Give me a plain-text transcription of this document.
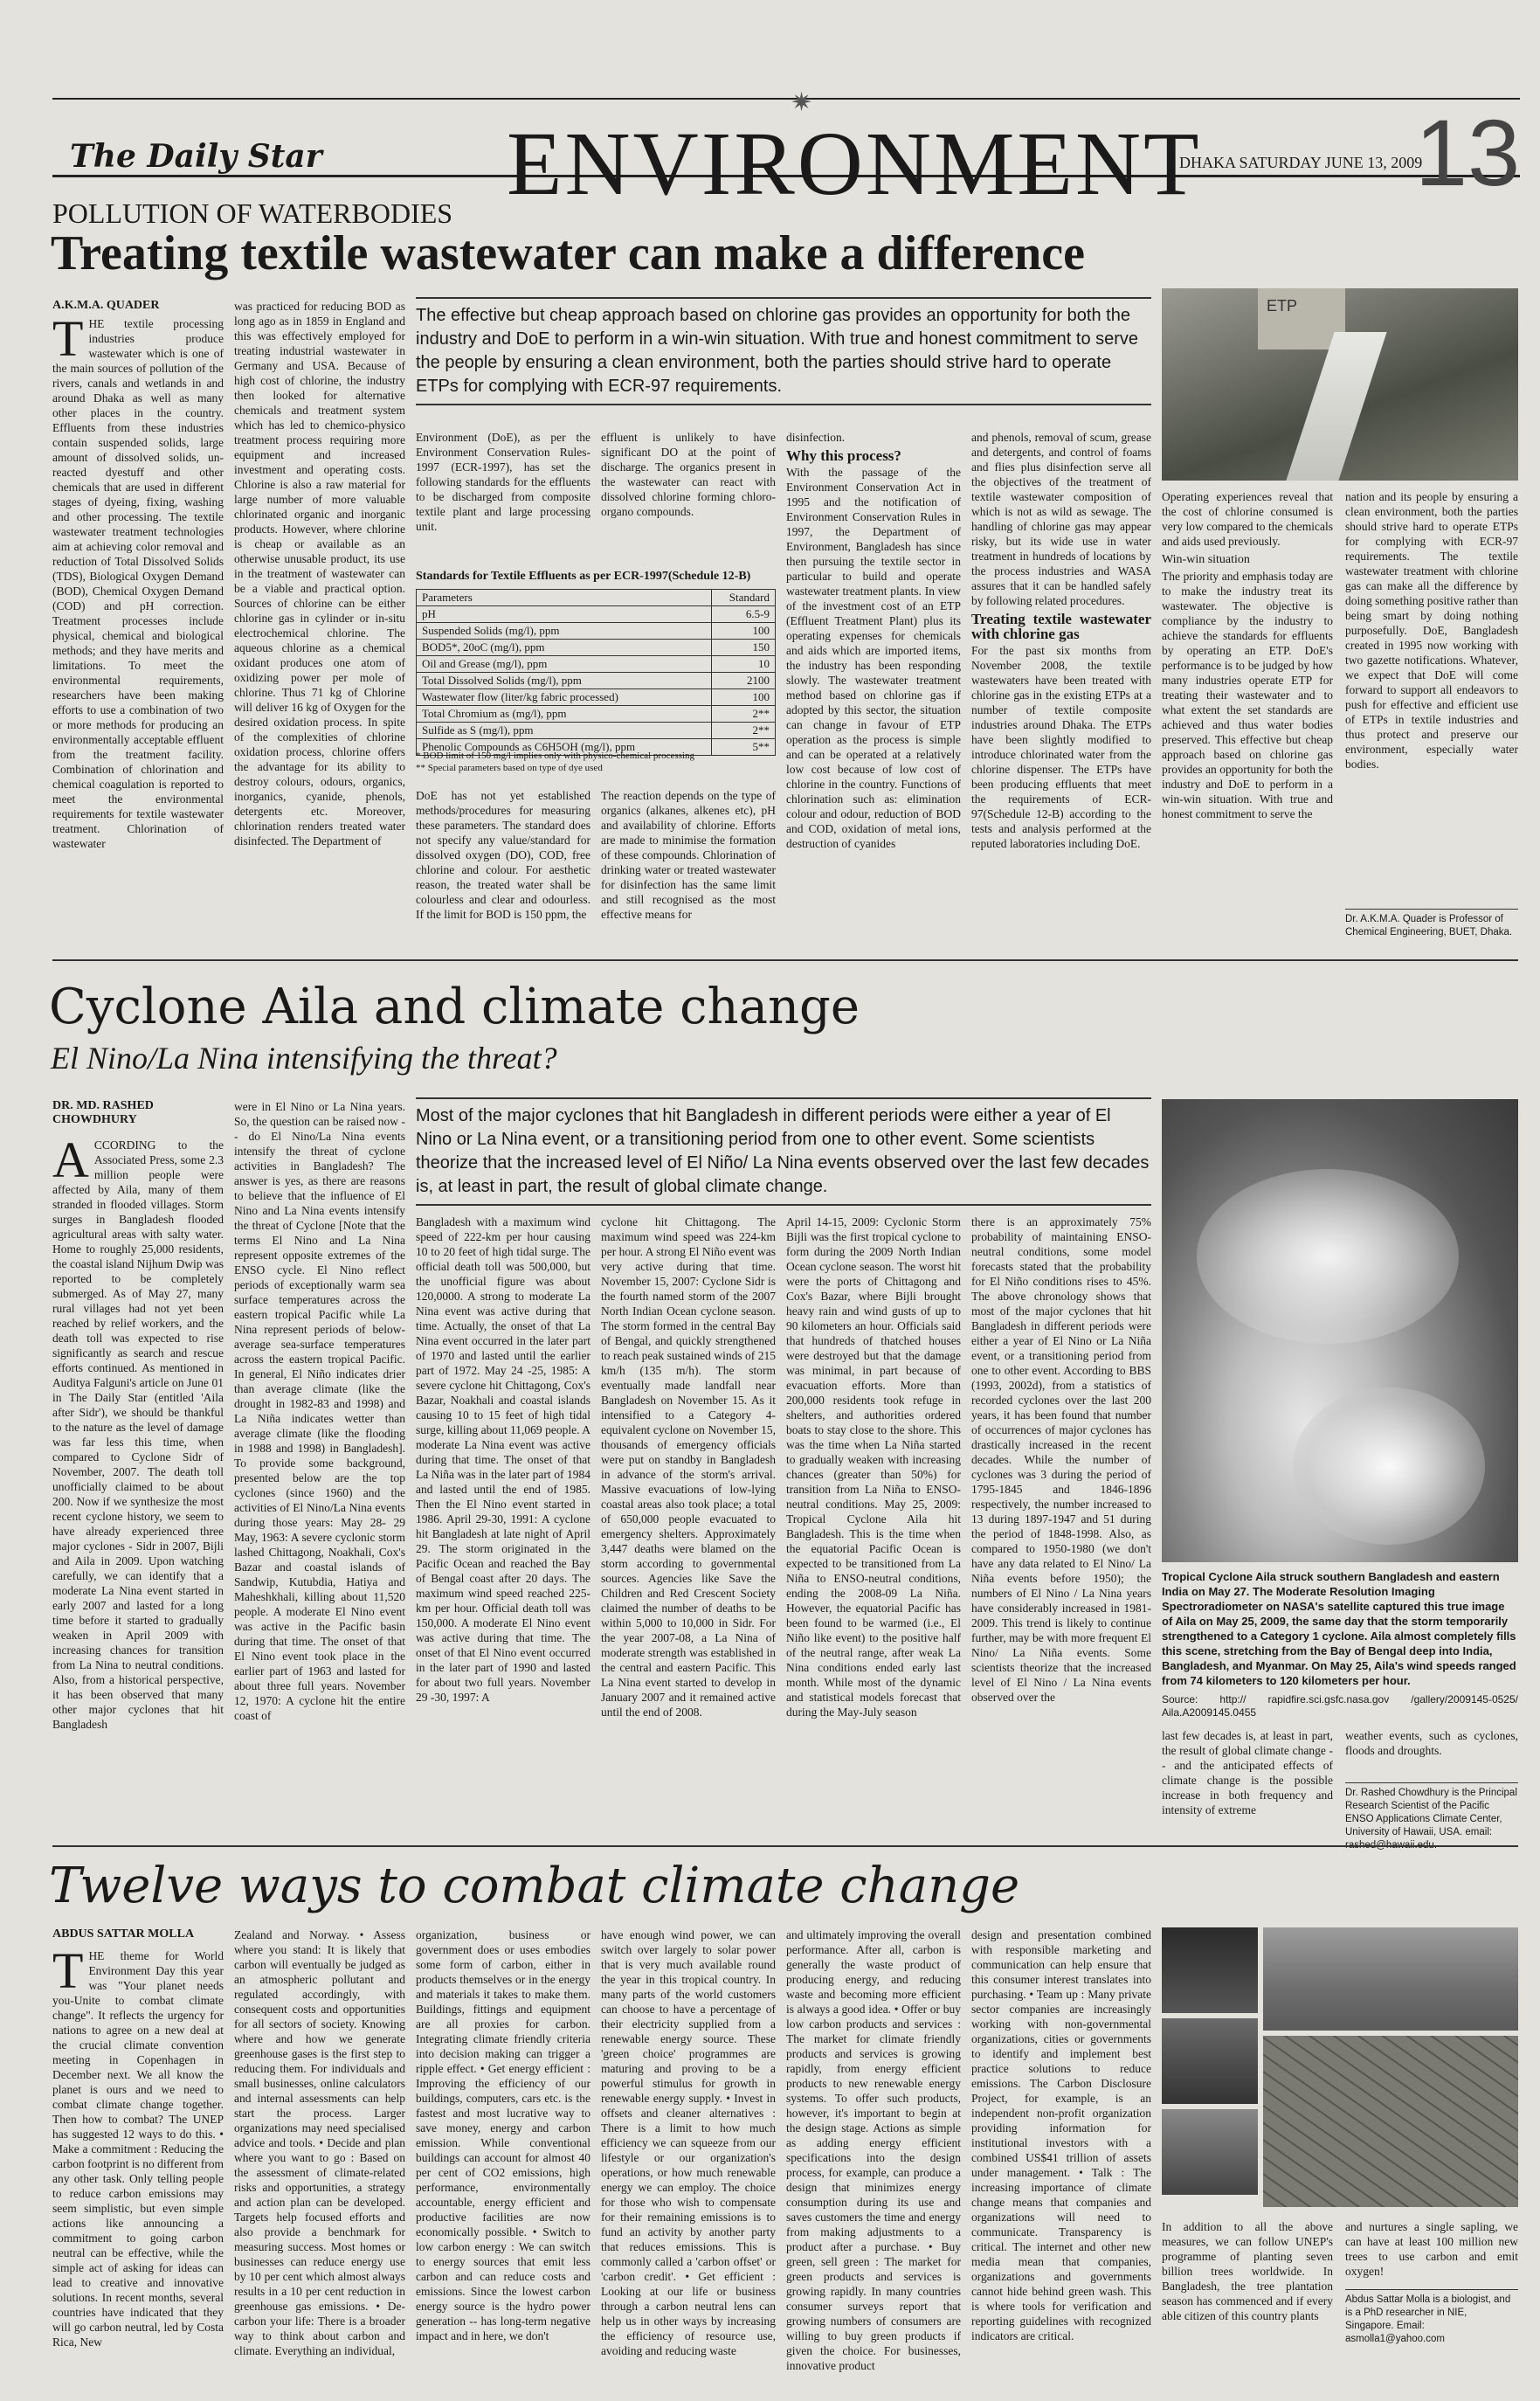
✷
The Daily Star ENVIRONMENT
DHAKA SATURDAY JUNE 13, 2009
13
POLLUTION OF WATERBODIES
Treating textile wastewater can make a difference
A.K.M.A. QUADER
THE textile processing industries produce wastewater which is one of the main sources of pollution of the rivers, canals and wetlands in and around Dhaka as well as many other places in the country. Effluents from these industries contain suspended solids, large amount of dissolved solids, un-reacted dyestuff and other chemicals that are used in different stages of dyeing, fixing, washing and other processing. The textile wastewater treatment technologies aim at achieving color removal and reduction of Total Dissolved Solids (TDS), Biological Oxygen Demand (BOD), Chemical Oxygen Demand (COD) and pH correction. Treatment processes include physical, chemical and biological methods; and they have merits and limitations. To meet the environmental requirements, researchers have been making efforts to use a combination of two or more methods for producing an environmentally acceptable effluent from the treatment facility. Combination of chlorination and chemical coagulation is reported to meet the environmental requirements for textile wastewater treatment. Chlorination of wastewater
was practiced for reducing BOD as long ago as in 1859 in England and this was effectively employed for treating industrial wastewater in Germany and USA. Because of high cost of chlorine, the industry then looked for alternative chemicals and treatment system which has led to chemico-physico treatment process requiring more equipment and increased investment and operating costs. Chlorine is also a raw material for large number of more valuable chlorinated organic and inorganic products. However, where chlorine is cheap or available as an otherwise unusable product, its use in the treatment of wastewater can be a viable and practical option. Sources of chlorine can be either chlorine gas in cylinder or in-situ electrochemical chlorine. The aqueous chlorine as a chemical oxidant produces one atom of oxidizing power per mole of chlorine. Thus 71 kg of Chlorine will deliver 16 kg of Oxygen for the desired oxidation process. In spite of the complexities of chlorine oxidation process, chlorine offers the advantage for its ability to destroy colours, odours, organics, inorganics, cyanide, phenols, detergents etc. Moreover, chlorination renders treated water disinfected. The Department of
The effective but cheap approach based on chlorine gas provides an opportunity for both the industry and DoE to perform in a win-win situation. With true and honest commitment to serve the people by ensuring a clean environment, both the parties should strive hard to operate ETPs for complying with ECR-97 requirements.
Environment (DoE), as per the Environment Conservation Rules-1997 (ECR-1997), has set the following standards for the effluents to be discharged from composite textile plant and large processing unit.
effluent is unlikely to have significant DO at the point of discharge. The organics present in the wastewater can react with dissolved chlorine forming chloro-organo compounds.
Standards for Textile Effluents as per ECR-1997(Schedule 12-B)
Parameters	Standard
pH	6.5-9
Suspended Solids (mg/l), ppm	100
BOD5*, 20oC (mg/l), ppm	150
Oil and Grease (mg/l), ppm	10
Total Dissolved Solids (mg/l), ppm	2100
Wastewater flow (liter/kg fabric processed)	100
Total Chromium as (mg/l), ppm	2**
Sulfide as S (mg/l), ppm	2**
Phenolic Compounds as C6H5OH (mg/l), ppm	5**
* BOD limit of 150 mg/l implies only with physico-chemical processing
** Special parameters based on type of dye used
DoE has not yet established methods/procedures for measuring these parameters. The standard does not specify any value/standard for dissolved oxygen (DO), COD, free chlorine and colour. For aesthetic reason, the treated water shall be colourless and clear and odourless. If the limit for BOD is 150 ppm, the
The reaction depends on the type of organics (alkanes, alkenes etc), pH and availability of chlorine. Efforts are made to minimise the formation of these compounds. Chlorination of drinking water or treated wastewater for disinfection has the same limit and still recognised as the most effective means for
disinfection.
Why this process?
With the passage of the Environment Conservation Act in 1995 and the notification of Environment Conservation Rules in 1997, the Department of Environment, Bangladesh has since then pursuing the textile sector in particular to build and operate wastewater treatment plants. In view of the investment cost of an ETP (Effluent Treatment Plant) plus its operating expenses for chemicals and aids which are imported items, the industry has been responding slowly. The wastewater treatment method based on chlorine gas if adopted by this sector, the situation can change in favour of ETP operation as the process is simple and can be operated at a relatively low cost because of low cost of chlorine in the country. Functions of chlorination such as: elimination colour and odour, reduction of BOD and COD, oxidation of metal ions, destruction of cyanides
and phenols, removal of scum, grease and detergents, and control of foams and flies plus disinfection serve all the objectives of the treatment of textile wastewater composition of which is not as wild as sewage. The handling of chlorine gas may appear risky, but its wide use in water treatment in hundreds of locations by the process industries and WASA assures that it can be handled safely by following related procedures.
Treating textile wastewater with chlorine gas
For the past six months from November 2008, the textile wastewaters have been treated with chlorine gas in the existing ETPs at a number of textile composite industries around Dhaka. The ETPs have been slightly modified to introduce chlorinated water from the chlorine dispenser. The ETPs have been producing effluents that meet the requirements of ECR-97(Schedule 12-B) according to the tests and analysis performed at the reputed laboratories including DoE.
ETP
Operating experiences reveal that the cost of chlorine consumed is very low compared to the chemicals and aids used previously.
Win-win situation
The priority and emphasis today are to make the industry treat its wastewater. The objective is compliance by the industry to achieve the standards for effluents by operating an ETP. DoE's performance is to be judged by how many industries operate ETP for treating their wastewater and to what extent the set standards are achieved and thus water bodies preserved. This effective but cheap approach based on chlorine gas provides an opportunity for both the industry and DoE to perform in a win-win situation. With true and honest commitment to serve the
nation and its people by ensuring a clean environment, both the parties should strive hard to operate ETPs for complying with ECR-97 requirements. The textile wastewater treatment with chlorine gas can make all the difference by doing something positive rather than being smart by doing nothing purposefully. DoE, Bangladesh created in 1995 now working with two gazette notifications. Whatever, we expect that DoE will come forward to support all endeavors to push for effective and efficient use of ETPs in textile industries and thus protect and preserve our environment, especially water bodies.
Dr. A.K.M.A. Quader is Professor of Chemical Engineering, BUET, Dhaka.
Cyclone Aila and climate change
El Nino/La Nina intensifying the threat?
DR. MD. RASHED CHOWDHURY
ACCORDING to the Associated Press, some 2.3 million people were affected by Aila, many of them stranded in flooded villages. Storm surges in Bangladesh flooded agricultural areas with salty water. Home to roughly 25,000 residents, the coastal island Nijhum Dwip was reported to be completely submerged. As of May 27, many rural villages had not yet been reached by relief workers, and the death toll was expected to rise significantly as search and rescue efforts continued. As mentioned in Auditya Falguni's article on June 01 in The Daily Star (entitled 'Aila after Sidr'), we should be thankful to the nature as the level of damage was far less this time, when compared to Cyclone Sidr of November, 2007. The death toll unofficially claimed to be about 200. Now if we synthesize the most recent cyclone history, we seem to have already experienced three major cyclones - Sidr in 2007, Bijli and Aila in 2009. Upon watching carefully, we can identify that a moderate La Nina event started in early 2007 and lasted for a long time before it started to gradually weaken in April 2009 with increasing chances for transition from La Nina to neutral conditions. Also, from a historical perspective, it has been observed that many other major cyclones that hit Bangladesh
were in El Nino or La Nina years. So, the question can be raised now -- do El Nino/La Nina events intensify the threat of cyclone activities in Bangladesh? The answer is yes, as there are reasons to believe that the influence of El Nino and La Nina events intensify the threat of Cyclone [Note that the terms El Nino and La Nina represent opposite extremes of the ENSO cycle. El Nino reflect periods of exceptionally warm sea surface temperatures across the eastern tropical Pacific while La Nina represent periods of below-average sea-surface temperatures across the eastern tropical Pacific. In general, El Niño indicates drier than average climate (like the drought in 1982-83 and 1998) and La Niña indicates wetter than average climate (like the flooding in 1988 and 1998) in Bangladesh]. To provide some background, presented below are the top cyclones (since 1960) and the activities of El Nino/La Nina events during those years: May 28- 29 May, 1963: A severe cyclonic storm lashed Chittagong, Noakhali, Cox's Bazar and coastal islands of Sandwip, Kutubdia, Hatiya and Maheshkhali, killing about 11,520 people. A moderate El Nino event was active in the Pacific basin during that time. The onset of that El Nino event took place in the earlier part of 1963 and lasted for about three full years. November 12, 1970: A cyclone hit the entire coast of
Most of the major cyclones that hit Bangladesh in different periods were either a year of El Nino or La Nina event, or a transitioning period from one to other event. Some scientists theorize that the increased level of El Niño/ La Nina events observed over the last few decades is, at least in part, the result of global climate change.
Bangladesh with a maximum wind speed of 222-km per hour causing 10 to 20 feet of high tidal surge. The official death toll was 500,000, but the unofficial figure was about 120,0000. A strong to moderate La Nina event was active during that time. Actually, the onset of that La Nina event occurred in the later part of 1970 and lasted until the earlier part of 1972. May 24 -25, 1985: A severe cyclone hit Chittagong, Cox's Bazar, Noakhali and coastal islands causing 10 to 15 feet of high tidal surge, killing about 11,069 people. A moderate La Nina event was active during that time. The onset of that La Niña was in the later part of 1984 and lasted until the end of 1985. Then the El Nino event started in 1986. April 29-30, 1991: A cyclone hit Bangladesh at late night of April 29. The storm originated in the Pacific Ocean and reached the Bay of Bengal coast after 20 days. The maximum wind speed reached 225-km per hour. Official death toll was 150,000. A moderate El Nino event was active during that time. The onset of that El Nino event occurred in the later part of 1990 and lasted for about two full years. November 29 -30, 1997: A
cyclone hit Chittagong. The maximum wind speed was 224-km per hour. A strong El Niño event was very active during that time. November 15, 2007: Cyclone Sidr is the fourth named storm of the 2007 North Indian Ocean cyclone season. The storm formed in the central Bay of Bengal, and quickly strengthened to reach peak sustained winds of 215 km/h (135 m/h). The storm eventually made landfall near Bangladesh on November 15. As it intensified to a Category 4-equivalent cyclone on November 15, thousands of emergency officials were put on standby in Bangladesh in advance of the storm's arrival. Massive evacuations of low-lying coastal areas also took place; a total of 650,000 people evacuated to emergency shelters. Approximately 3,447 deaths were blamed on the storm according to governmental sources. Agencies like Save the Children and Red Crescent Society claimed the number of deaths to be within 5,000 to 10,000 in Sidr. For the year 2007-08, a La Nina of moderate strength was established in the central and eastern Pacific. This La Nina event started to develop in January 2007 and it remained active until the end of 2008.
April 14-15, 2009: Cyclonic Storm Bijli was the first tropical cyclone to form during the 2009 North Indian Ocean cyclone season. The worst hit were the ports of Chittagong and Cox's Bazar, where Bijli brought heavy rain and wind gusts of up to 90 kilometers an hour. Officials said that hundreds of thatched houses were destroyed but that the damage was minimal, in part because of evacuation efforts. More than 200,000 residents took refuge in shelters, and authorities ordered boats to stay close to the shore. This was the time when La Niña started to gradually weaken with increasing chances (greater than 50%) for transition from La Niña to ENSO-neutral conditions. May 25, 2009: Tropical Cyclone Aila hit Bangladesh. This is the time when the equatorial Pacific Ocean is expected to be transitioned from La Niña to ENSO-neutral conditions, ending the 2008-09 La Niña. However, the equatorial Pacific has been found to be warmed (i.e., El Niño like event) to the positive half of the neutral range, after weak La Nina conditions ended early last month. While most of the dynamic and statistical models forecast that during the May-July season
there is an approximately 75% probability of maintaining ENSO-neutral conditions, some model forecasts stated that the probability for El Niño conditions rises to 45%. The above chronology shows that most of the major cyclones that hit Bangladesh in different periods were either a year of El Nino or La Niña event, or a transitioning period from one to other event. According to BBS (1993, 2002d), from a statistics of recorded cyclones over the last 200 years, it has been found that number of occurrences of major cyclones has drastically increased in the recent decades. While the number of cyclones was 3 during the period of 1795-1845 and 1846-1896 respectively, the number increased to 13 during 1897-1947 and 51 during the period of 1848-1998. Also, as compared to 1950-1980 (we don't have any data related to El Nino/ La Niña events before 1950); the numbers of El Nino / La Nina years have considerably increased in 1981-2009. This trend is likely to continue further, may be with more frequent El Nino/ La Niña events. Some scientists theorize that the increased level of El Nino / La Nina events observed over the
Tropical Cyclone Aila struck southern Bangladesh and eastern India on May 27. The Moderate Resolution Imaging Spectroradiometer on NASA's satellite captured this true image of Aila on May 25, 2009, the same day that the storm temporarily strengthened to a Category 1 cyclone. Aila almost completely fills this scene, stretching from the Bay of Bengal deep into India, Bangladesh, and Myanmar. On May 25, Aila's wind speeds ranged from 74 kilometers to 120 kilometers per hour.
Source: http:// rapidfire.sci.gsfc.nasa.gov /gallery/2009145-0525/ Aila.A2009145.0455
last few decades is, at least in part, the result of global climate change -- and the anticipated effects of climate change is the possible increase in both frequency and intensity of extreme
weather events, such as cyclones, floods and droughts.
Dr. Rashed Chowdhury is the Principal Research Scientist of the Pacific ENSO Applications Climate Center, University of Hawaii, USA. email: rashed@hawaii.edu.
Twelve ways to combat climate change
ABDUS SATTAR MOLLA
THE theme for World Environment Day this year was "Your planet needs you-Unite to combat climate change". It reflects the urgency for nations to agree on a new deal at the crucial climate convention meeting in Copenhagen in December next. We all know the planet is ours and we need to combat climate change together. Then how to combat? The UNEP has suggested 12 ways to do this. • Make a commitment : Reducing the carbon footprint is no different from any other task. Only telling people to reduce carbon emissions may seem simplistic, but even simple actions like announcing a commitment to going carbon neutral can be effective, while the simple act of asking for ideas can lead to creative and innovative solutions. In recent months, several countries have indicated that they will go carbon neutral, led by Costa Rica, New
Zealand and Norway. • Assess where you stand: It is likely that carbon will eventually be judged as an atmospheric pollutant and regulated accordingly, with consequent costs and opportunities for all sectors of society. Knowing where and how we generate greenhouse gases is the first step to reducing them. For individuals and small businesses, online calculators and internal assessments can help start the process. Larger organizations may need specialised advice and tools. • Decide and plan where you want to go : Based on the assessment of climate-related risks and opportunities, a strategy and action plan can be developed. Targets help focused efforts and also provide a benchmark for measuring success. Most homes or businesses can reduce energy use by 10 per cent which almost always results in a 10 per cent reduction in greenhouse gas emissions. • De-carbon your life: There is a broader way to think about carbon and climate. Everything an individual,
organization, business or government does or uses embodies some form of carbon, either in products themselves or in the energy and materials it takes to make them. Buildings, fittings and equipment are all proxies for carbon. Integrating climate friendly criteria into decision making can trigger a ripple effect. • Get energy efficient : Improving the efficiency of our buildings, computers, cars etc. is the fastest and most lucrative way to save money, energy and carbon emission. While conventional buildings can account for almost 40 per cent of CO2 emissions, high performance, environmentally accountable, energy efficient and productive facilities are now economically possible. • Switch to low carbon energy : We can switch to energy sources that emit less carbon and can reduce costs and emissions. Since the lowest carbon energy source is the hydro power generation -- has long-term negative impact and in here, we don't
have enough wind power, we can switch over largely to solar power that is very much available round the year in this tropical country. In many parts of the world customers can choose to have a percentage of their electricity supplied from a renewable energy source. These 'green choice' programmes are maturing and proving to be a powerful stimulus for growth in renewable energy supply. • Invest in offsets and cleaner alternatives : There is a limit to how much efficiency we can squeeze from our lifestyle or our organization's operations, or how much renewable energy we can employ. The choice for those who wish to compensate for their remaining emissions is to fund an activity by another party that reduces emissions. This is commonly called a 'carbon offset' or 'carbon credit'. • Get efficient : Looking at our life or business through a carbon neutral lens can help us in other ways by increasing the efficiency of resource use, avoiding and reducing waste
and ultimately improving the overall performance. After all, carbon is generally the waste product of producing energy, and reducing waste and becoming more efficient is always a good idea. • Offer or buy low carbon products and services : The market for climate friendly products and services is growing rapidly, from energy efficient products to new renewable energy systems. To offer such products, however, it's important to begin at the design stage. Actions as simple as adding energy efficient specifications into the design process, for example, can produce a design that minimizes energy consumption during its use and saves customers the time and energy from making adjustments to a product after a purchase. • Buy green, sell green : The market for green products and services is growing rapidly. In many countries consumer surveys report that growing numbers of consumers are willing to buy green products if given the choice. For businesses, innovative product
design and presentation combined with responsible marketing and communication can help ensure that this consumer interest translates into purchasing. • Team up : Many private sector companies are increasingly working with non-governmental organizations, cities or governments to identify and implement best practice solutions to reduce emissions. The Carbon Disclosure Project, for example, is an independent non-profit organization providing information for institutional investors with a combined US$41 trillion of assets under management. • Talk : The increasing importance of climate change means that companies and organizations will need to communicate. Transparency is critical. The internet and other new media mean that companies, organizations and governments cannot hide behind green wash. This is where tools for verification and reporting guidelines with recognized indicators are critical.
In addition to all the above measures, we can follow UNEP's programme of planting seven billion trees worldwide. In Bangladesh, the tree plantation season has commenced and if every able citizen of this country plants
and nurtures a single sapling, we can have at least 100 million new trees to use carbon and emit oxygen!
Abdus Sattar Molla is a biologist, and is a PhD researcher in NIE, Singapore. Email: asmolla1@yahoo.com
